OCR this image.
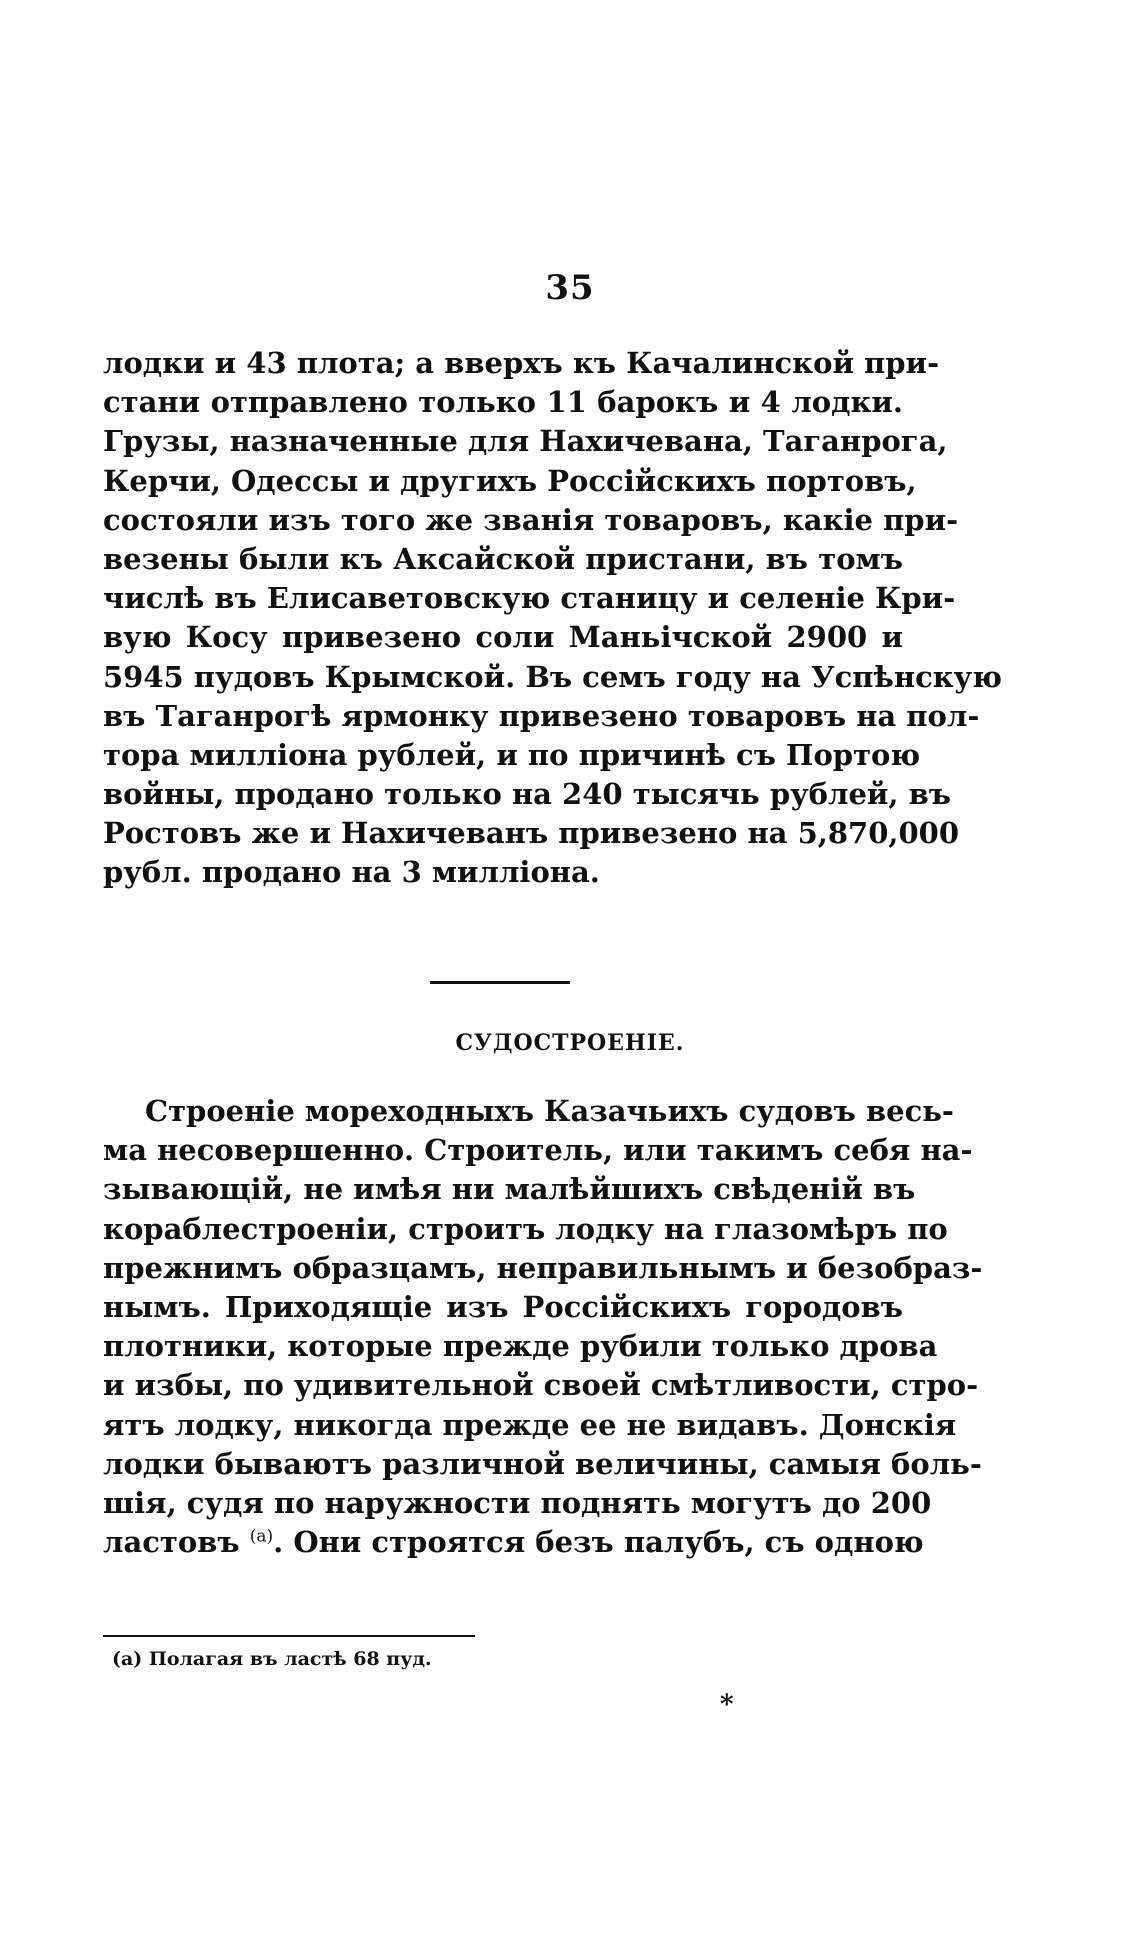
35
лодки и 43 плота; а вверхъ къ Качалинской при-
стани отправлено только 11 барокъ и 4 лодки.
Грузы, назначенные для Нахичевана, Таганрога,
Керчи, Одессы и другихъ Россійскихъ портовъ,
состояли изъ того же званія товаровъ, какіе при-
везены были къ Аксайской пристани, въ томъ
числѣ въ Елисаветовскую станицу и селеніе Кри-
вую Косу привезено соли Маньічской 2900 и
5945 пудовъ Крымской. Въ семъ году на Успѣнскую
въ Таганрогѣ ярмонку привезено товаровъ на пол-
тора милліона рублей, и по причинѣ съ Портою
войны, продано только на 240 тысячь рублей, въ
Ростовъ же и Нахичеванъ привезено на 5,870,000
рубл. продано на 3 милліона.
СУДОСТРОЕНІЕ.
Строеніе мореходныхъ Казачьихъ судовъ весь-
ма несовершенно. Строитель, или такимъ себя на-
зывающій, не имѣя ни малѣйшихъ свѣденій въ
кораблестроеніи, строитъ лодку на глазомѣръ по
прежнимъ образцамъ, неправильнымъ и безобраз-
нымъ. Приходящіе изъ Россійскихъ городовъ
плотники, которые прежде рубили только дрова
и избы, по удивительной своей смѣтливости, стро-
ятъ лодку, никогда прежде ее не видавъ. Донскія
лодки бываютъ различной величины, самыя боль-
шія, судя по наружности поднять могутъ до 200
ластовъ $^{(a)}$. Они строятся безъ палубъ, съ одною
(a) Полагая въ ластѣ 68 пуд.
*
